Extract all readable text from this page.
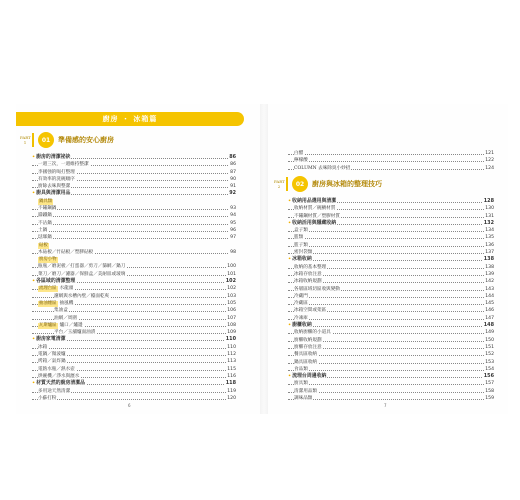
廚房 ・ 冰箱篇
PART 1	01	準備感的安心廚房
• 廚房的清潔祕訣	86
一週三次，一週維持整潔	86
李國強的喝打整理	87
有效率的洗碗順序	90
廚餘去味與整潔	91
• 廚具與清潔用品	92
鍋具類
不鏽鋼鍋	93
鑄鐵鍋	94
不沾鍋	95
土鍋	96
琺瑯鍋	97
砧板
木砧板／竹砧板／塑膠砧板	98
廚房小物
瓶瓶／磨泥板／打蛋器／剪刀／篩網／鍋刀	100
菜刀／磨刀／濾器／保鮮盒／美耐皿或玻璃	101
• 各區域的清潔整理	102
流理台區 水龍頭	102
濾網與水槽內壁／檯面乾爽	103
抽油煙區 抽風機	105
集油盒	106
油網／周圍	107
瓦斯爐區 爐口／爐邊	108
平台／玉舖爐面油漬	109
• 廚房家電清潔	110
冰箱	110
電鍋／微波爐	112
烤箱／氣炸鍋	113
電熱水瓶／熱水壺	115
烘碗機／淨水與瀝水	116
• 材質天然的廚房清潔品	118
多用途天然清潔	119
小蘇打粉	120
6
白醋	121
檸檬酸	122
COLUMN 去味除臭小妙招	124
PART 2	02	廚房與冰箱的整理技巧
• 收納用品選用與清潔	128
收納材質／碗櫥材質	130
不鏽鋼材質／塑膠材質	131
• 收納活用與隱藏收納	132
盒子類	134
籃類	135
籃子類	136
密封袋類	137
• 冰箱收納	138
收納的基本整理	138
冰箱存放注意	139
冰箱收納規劃	142
各層區域切區收與變動	143
冷藏門	144
冷藏區	145
冰箱空間或架區	146
冷凍庫	147
• 廚櫃收納	148
收納廚櫃的小道具	149
廚櫃收納規劃	150
廚櫃存放注意	151
餐具區收納	152
鍋具區收納	153
食品類	154
• 流理台周邊收納	156
廚具類	157
清潔用品類	158
調味品類	159
7
